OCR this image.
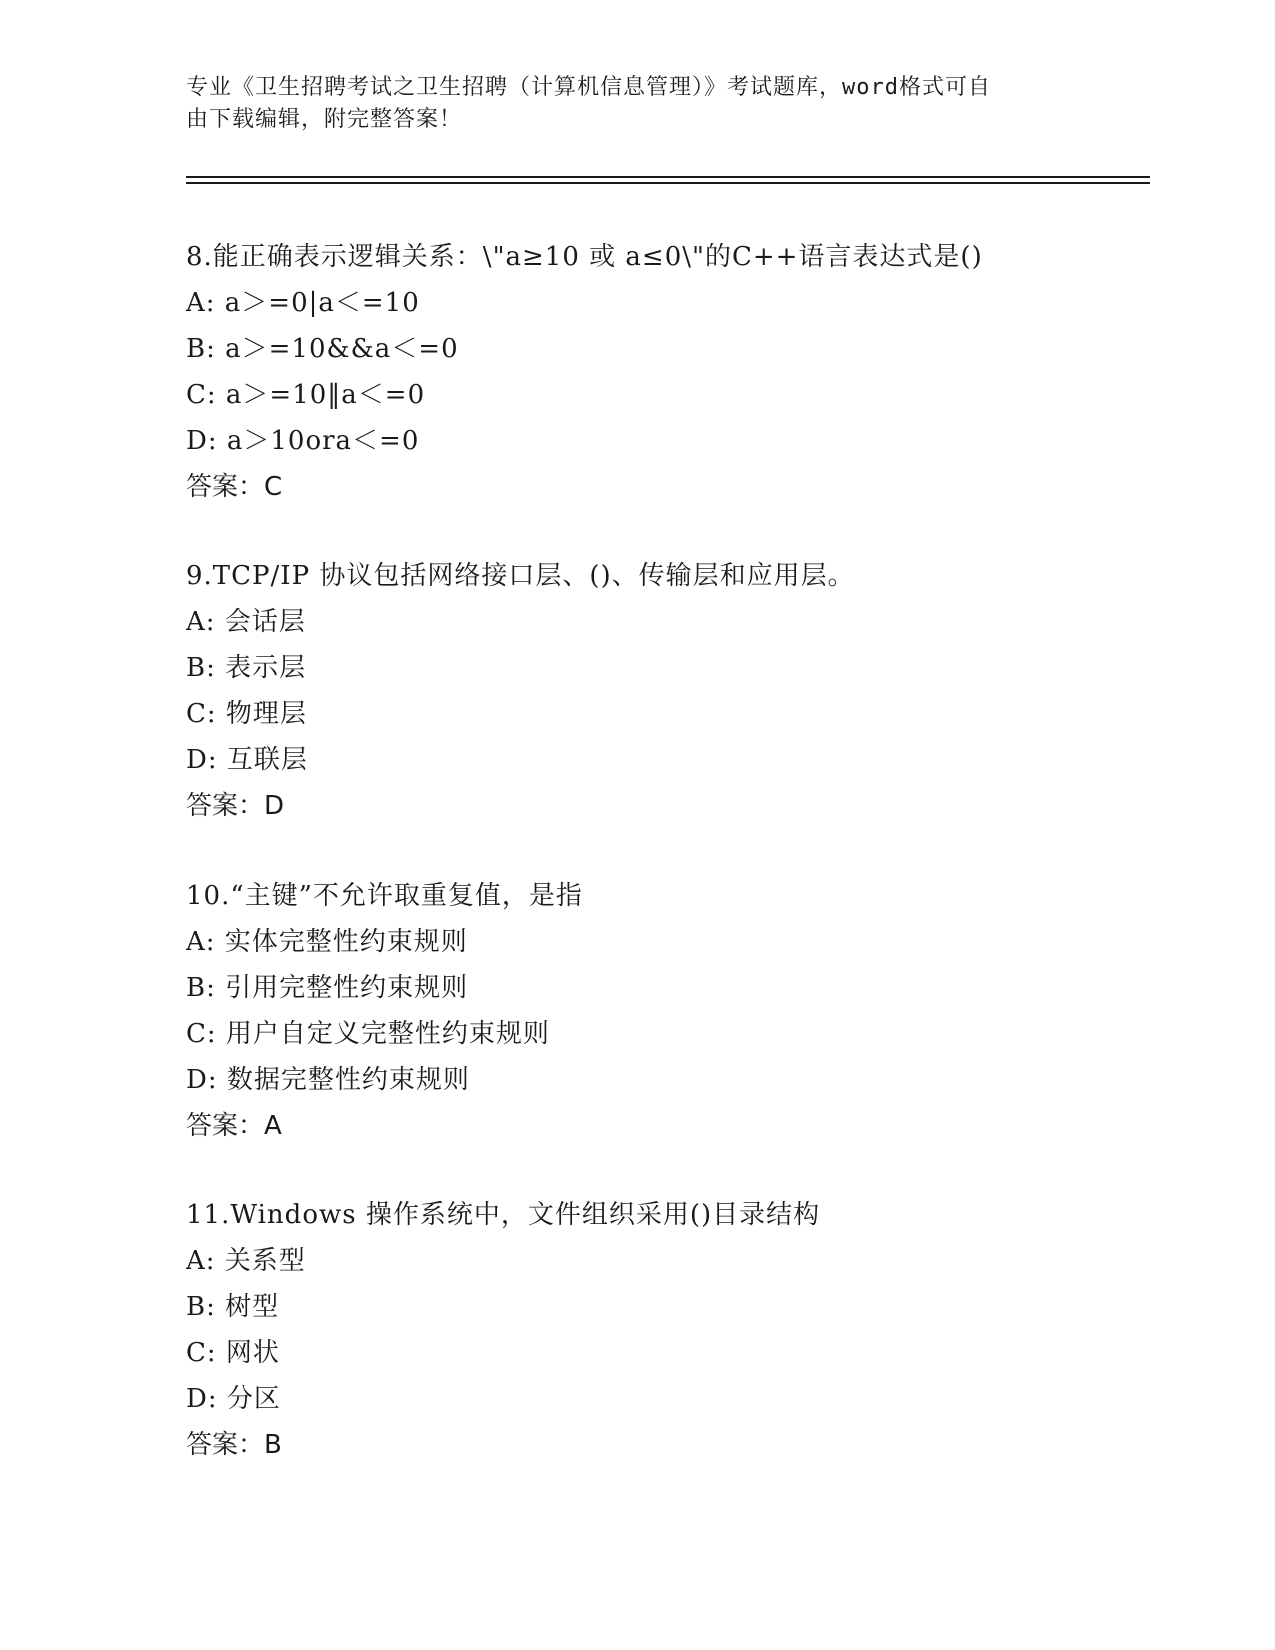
专业《卫生招聘考试之卫生招聘（计算机信息管理）》考试题库，word格式可自
由下载编辑，附完整答案！
8.能正确表示逻辑关系：\"a≥10 或 a≤0\"的C++语言表达式是()
A: a＞=0|a＜=10
B: a＞=10&&a＜=0
C: a＞=10‖a＜=0
D: a＞10ora＜=0
答案：C
9.TCP/IP 协议包括网络接口层、()、传输层和应用层。
A: 会话层
B: 表示层
C: 物理层
D: 互联层
答案：D
10.“主键”不允许取重复值，是指
A: 实体完整性约束规则
B: 引用完整性约束规则
C: 用户自定义完整性约束规则
D: 数据完整性约束规则
答案：A
11.Windows 操作系统中，文件组织采用()目录结构
A: 关系型
B: 树型
C: 网状
D: 分区
答案：B
